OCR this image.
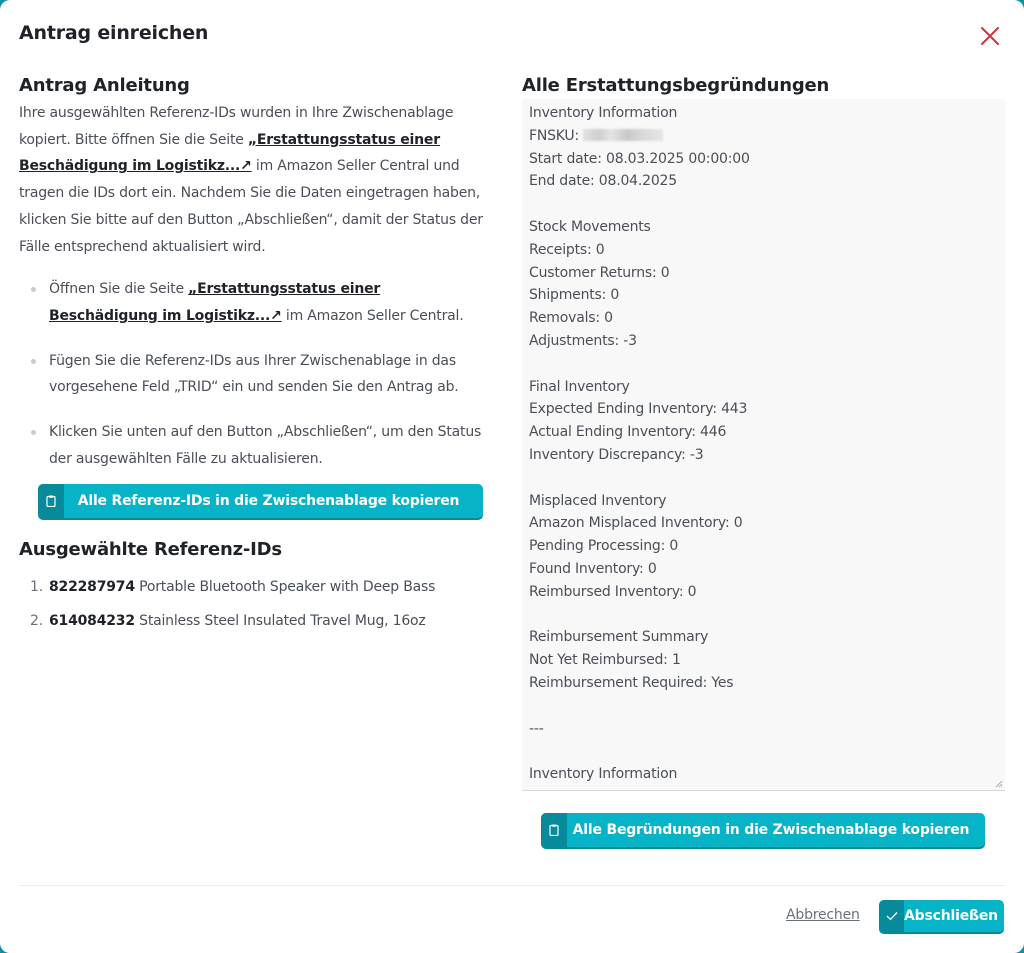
Antrag einreichen
Antrag Anleitung

Ihre ausgewählten Referenz-IDs wurden in Ihre Zwischenablage kopiert. Bitte öffnen Sie die Seite „Erstattungsstatus einer Beschädigung im Logistikz...↗ im Amazon Seller Central und tragen die IDs dort ein. Nachdem Sie die Daten eingetragen haben, klicken Sie bitte auf den Button „Abschließen“, damit der Status der Fälle entsprechend aktualisiert wird.

Öffnen Sie die Seite „Erstattungsstatus einer Beschädigung im Logistikz...↗ im Amazon Seller Central.
Fügen Sie die Referenz-IDs aus Ihrer Zwischenablage in das vorgesehene Feld „TRID“ ein und senden Sie den Antrag ab.
Klicken Sie unten auf den Button „Abschließen“, um den Status der ausgewählten Fälle zu aktualisieren.
Alle Referenz-IDs in die Zwischenablage kopieren
Ausgewählte Referenz-IDs
1. 822287974 Portable Bluetooth Speaker with Deep Bass
2. 614084232 Stainless Steel Insulated Travel Mug, 16oz
Alle Erstattungsbegründungen
Inventory Information
FNSKU:
Start date: 08.03.2025 00:00:00
End date: 08.04.2025
Stock Movements
Receipts: 0
Customer Returns: 0
Shipments: 0
Removals: 0
Adjustments: -3
Final Inventory
Expected Ending Inventory: 443
Actual Ending Inventory: 446
Inventory Discrepancy: -3
Misplaced Inventory
Amazon Misplaced Inventory: 0
Pending Processing: 0
Found Inventory: 0
Reimbursed Inventory: 0
Reimbursement Summary
Not Yet Reimbursed: 1
Reimbursement Required: Yes
---
Inventory Information
Alle Begründungen in die Zwischenablage kopieren
Abbrechen	Abschließen
